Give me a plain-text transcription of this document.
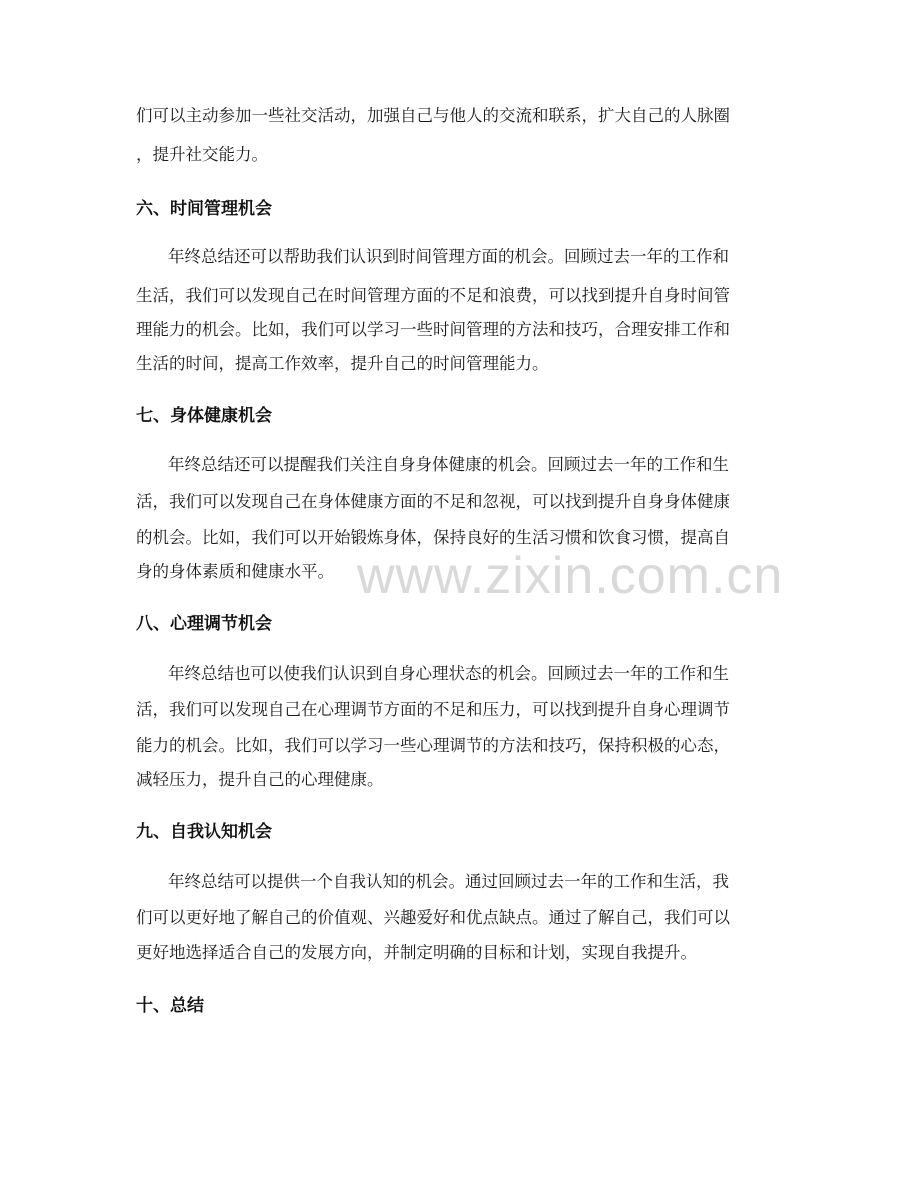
www.zixin.com.cn
们可以主动参加一些社交活动，加强自己与他人的交流和联系，扩大自己的人脉圈
，提升社交能力。
六、时间管理机会
年终总结还可以帮助我们认识到时间管理方面的机会。回顾过去一年的工作和
生活，我们可以发现自己在时间管理方面的不足和浪费，可以找到提升自身时间管
理能力的机会。比如，我们可以学习一些时间管理的方法和技巧，合理安排工作和
生活的时间，提高工作效率，提升自己的时间管理能力。
七、身体健康机会
年终总结还可以提醒我们关注自身身体健康的机会。回顾过去一年的工作和生
活，我们可以发现自己在身体健康方面的不足和忽视，可以找到提升自身身体健康
的机会。比如，我们可以开始锻炼身体，保持良好的生活习惯和饮食习惯，提高自
身的身体素质和健康水平。
八、心理调节机会
年终总结也可以使我们认识到自身心理状态的机会。回顾过去一年的工作和生
活，我们可以发现自己在心理调节方面的不足和压力，可以找到提升自身心理调节
能力的机会。比如，我们可以学习一些心理调节的方法和技巧，保持积极的心态，
减轻压力，提升自己的心理健康。
九、自我认知机会
年终总结可以提供一个自我认知的机会。通过回顾过去一年的工作和生活，我
们可以更好地了解自己的价值观、兴趣爱好和优点缺点。通过了解自己，我们可以
更好地选择适合自己的发展方向，并制定明确的目标和计划，实现自我提升。
十、总结
